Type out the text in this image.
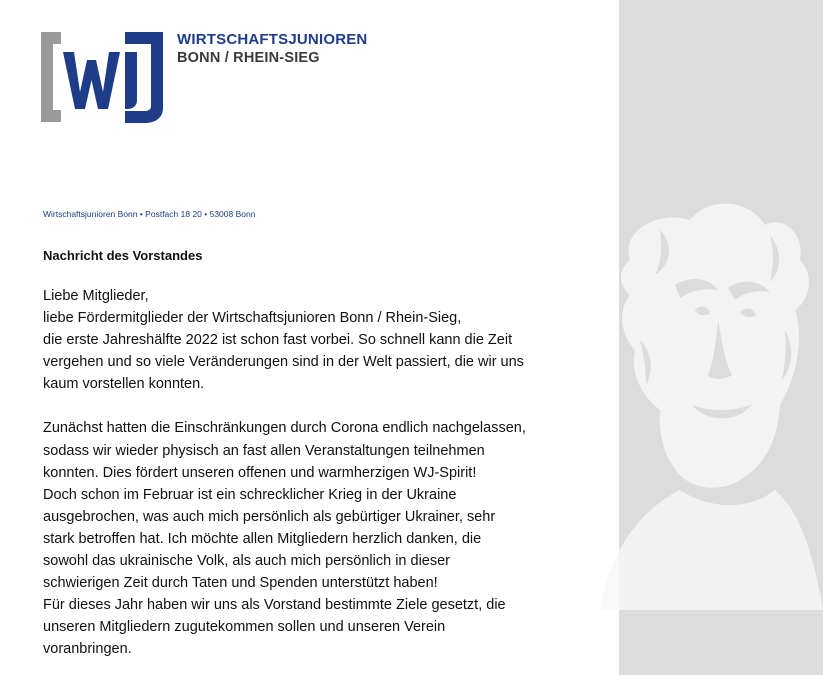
WIRTSCHAFTSJUNIOREN
BONN / RHEIN-SIEG
Wirtschaftsjunioren Bonn • Postfach 18 20 • 53008 Bonn
Nachricht des Vorstandes

Liebe Mitglieder,
liebe Fördermitglieder der Wirtschaftsjunioren Bonn / Rhein-Sieg,
die erste Jahreshälfte 2022 ist schon fast vorbei. So schnell kann die Zeit
vergehen und so viele Veränderungen sind in der Welt passiert, die wir uns
kaum vorstellen konnten.

Zunächst hatten die Einschränkungen durch Corona endlich nachgelassen,
sodass wir wieder physisch an fast allen Veranstaltungen teilnehmen
konnten. Dies fördert unseren offenen und warmherzigen WJ-Spirit!
Doch schon im Februar ist ein schrecklicher Krieg in der Ukraine
ausgebrochen, was auch mich persönlich als gebürtiger Ukrainer, sehr
stark betroffen hat. Ich möchte allen Mitgliedern herzlich danken, die
sowohl das ukrainische Volk, als auch mich persönlich in dieser
schwierigen Zeit durch Taten und Spenden unterstützt haben!
Für dieses Jahr haben wir uns als Vorstand bestimmte Ziele gesetzt, die
unseren Mitgliedern zugutekommen sollen und unseren Verein
voranbringen.
